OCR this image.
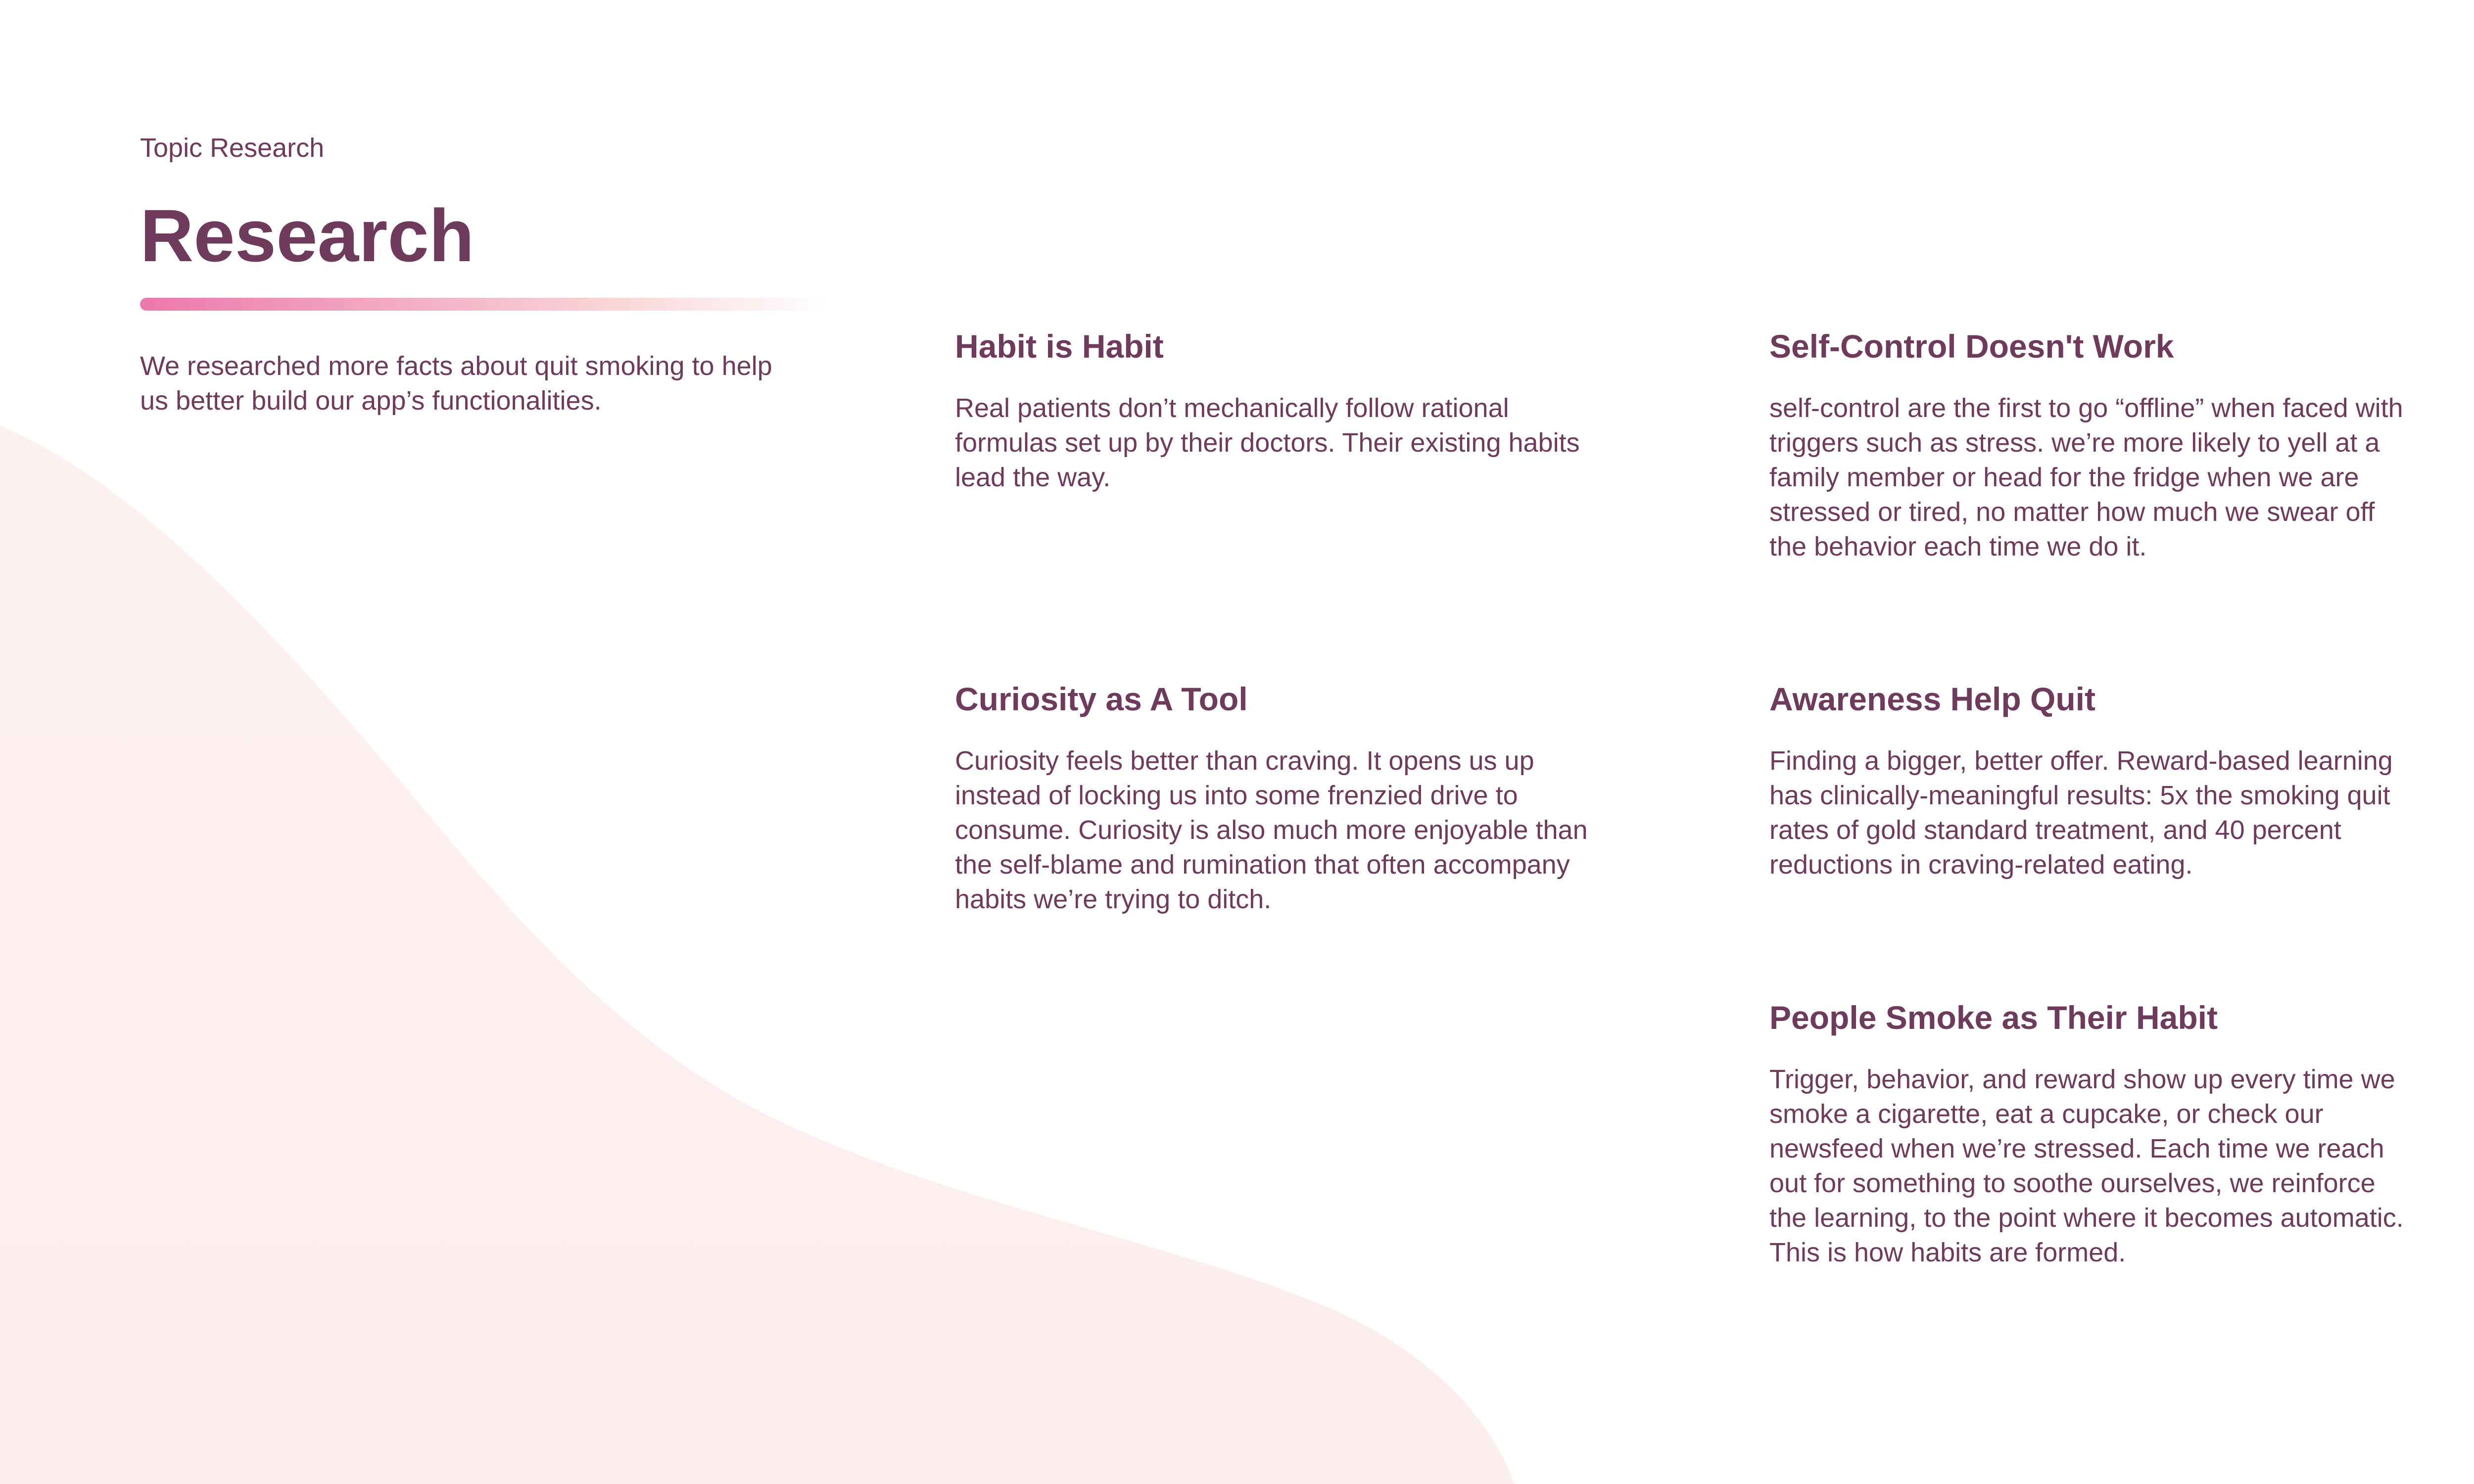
Topic Research
Research

We researched more facts about quit smoking to help us better build our app’s functionalities.

Habit is Habit

Real patients don’t mechanically follow rational formulas set up by their doctors. Their existing habits lead the way.

Self-Control Doesn't Work

self-control are the first to go “offline” when faced with triggers such as stress. we’re more likely to yell at a family member or head for the fridge when we are stressed or tired, no matter how much we swear off the behavior each time we do it.

Curiosity as A Tool

Curiosity feels better than craving. It opens us up instead of locking us into some frenzied drive to consume. Curiosity is also much more enjoyable than the self-blame and rumination that often accompany habits we’re trying to ditch.

Awareness Help Quit

Finding a bigger, better offer. Reward-based learning has clinically-meaningful results: 5x the smoking quit rates of gold standard treatment, and 40 percent reductions in craving-related eating.

People Smoke as Their Habit

Trigger, behavior, and reward show up every time we smoke a cigarette, eat a cupcake, or check our newsfeed when we’re stressed. Each time we reach out for something to soothe ourselves, we reinforce the learning, to the point where it becomes automatic. This is how habits are formed.
